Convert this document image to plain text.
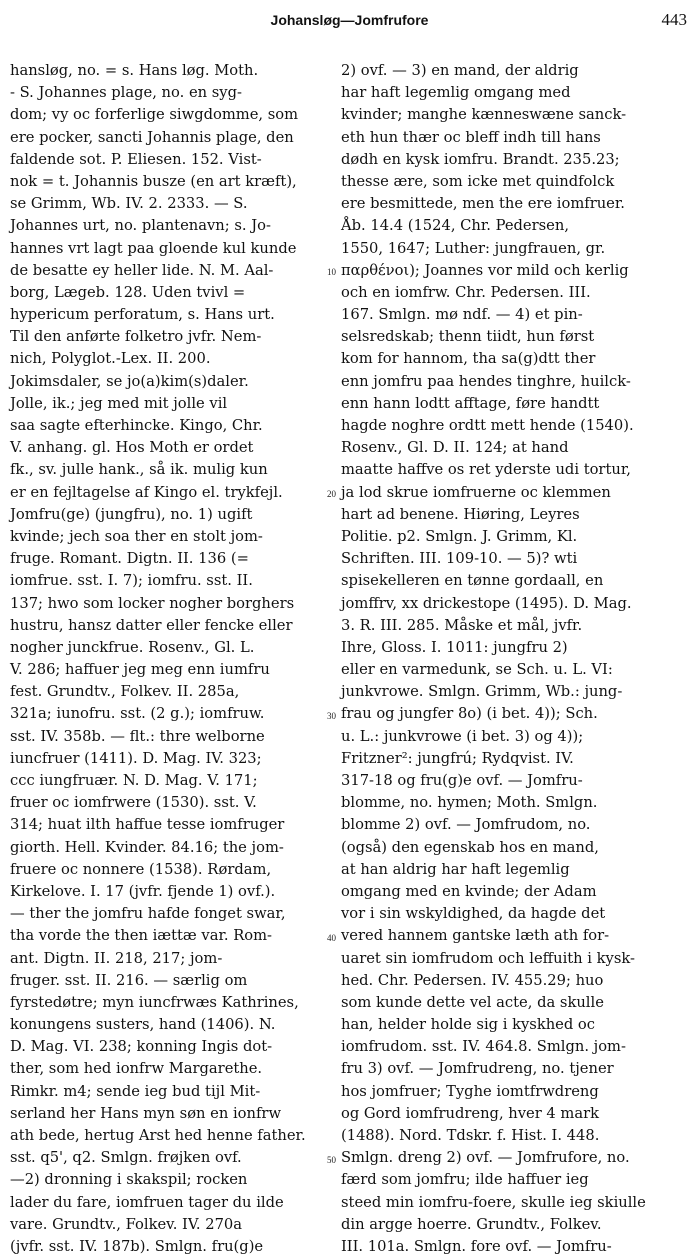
Johansløg—Jomfrufore	443
hansløg, no. = s. Hans løg. Moth.
- S. Johannes plage, no. en syg-
dom; vy oc forferlige siwgdomme, som
ere pocker, sancti Johannis plage, den
faldende sot. P. Eliesen. 152. Vist-
nok = t. Johannis busze (en art kræft),
se Grimm, Wb. IV. 2. 2333. — S.
Johannes urt, no. plantenavn; s. Jo-
hannes vrt lagt paa gloende kul kunde
de besatte ey heller lide. N. M. Aal-
borg, Lægeb. 128. Uden tvivl =
hypericum perforatum, s. Hans urt.
Til den anførte folketro jvfr. Nem-
nich, Polyglot.-Lex. II. 200.
Jokimsdaler, se jo(a)kim(s)daler.
Jolle, ik.; jeg med mit jolle vil
saa sagte efterhincke. Kingo, Chr.
V. anhang. gl. Hos Moth er ordet
fk., sv. julle hank., så ik. mulig kun
er en fejltagelse af Kingo el. trykfejl.
Jomfru(ge) (jungfru), no. 1) ugift
kvinde; jech soa ther en stolt jom-
fruge. Romant. Digtn. II. 136 (=
iomfrue. sst. I. 7); iomfru. sst. II.
137; hwo som locker nogher borghers
hustru, hansz datter eller fencke eller
nogher junckfrue. Rosenv., Gl. L.
V. 286; haffuer jeg meg enn iumfru
fest. Grundtv., Folkev. II. 285a,
321a; iunofru. sst. (2 g.); iomfruw.
sst. IV. 358b. — flt.: thre welborne
iuncfruer (1411). D. Mag. IV. 323;
ccc iungfruær. N. D. Mag. V. 171;
fruer oc iomfrwere (1530). sst. V.
314; huat ilth haffue tesse iomfruger
giorth. Hell. Kvinder. 84.16; the jom-
fruere oc nonnere (1538). Rørdam,
Kirkelove. I. 17 (jvfr. fjende 1) ovf.).
— ther the jomfru hafde fonget swar,
tha vorde the then iættæ var. Rom-
ant. Digtn. II. 218, 217; jom-
fruger. sst. II. 216. — særlig om
fyrstedøtre; myn iuncfrwæs Kathrines,
konungens susters, hand (1406). N.
D. Mag. VI. 238; konning Ingis dot-
ther, som hed ionfrw Margarethe.
Rimkr. m4; sende ieg bud tijl Mit-
serland her Hans myn søn en ionfrw
ath bede, hertug Arst hed henne father.
sst. q5', q2. Smlgn. frøjken ovf.
—2) dronning i skakspil; rocken
lader du fare, iomfruen tager du ilde
vare. Grundtv., Folkev. IV. 270a
(jvfr. sst. IV. 187b). Smlgn. fru(g)e
10
20
30
40
50
2) ovf. — 3) en mand, der aldrig
har haft legemlig omgang med
kvinder; manghe kænneswæne sanck-
eth hun thær oc bleff indh till hans
dødh en kysk iomfru. Brandt. 235.23;
thesse ære, som icke met quindfolck
ere besmittede, men the ere iomfruer.
Åb. 14.4 (1524, Chr. Pedersen,
1550, 1647; Luther: jungfrauen, gr.
παρθένοι); Joannes vor mild och kerlig
och en iomfrw. Chr. Pedersen. III.
167. Smlgn. mø ndf. — 4) et pin-
selsredskab; thenn tiidt, hun først
kom for hannom, tha sa(g)dtt ther
enn jomfru paa hendes tinghre, huilck-
enn hann lodtt afftage, føre handtt
hagde noghre ordtt mett hende (1540).
Rosenv., Gl. D. II. 124; at hand
maatte haffve os ret yderste udi tortur,
ja lod skrue iomfruerne oc klemmen
hart ad benene. Hiøring, Leyres
Politie. p2. Smlgn. J. Grimm, Kl.
Schriften. III. 109-10. — 5)? wti
spisekelleren en tønne gordaall, en
jomffrv, xx drickestope (1495). D. Mag.
3. R. III. 285. Måske et mål, jvfr.
Ihre, Gloss. I. 1011: jungfru 2)
eller en varmedunk, se Sch. u. L. VI:
junkvrowe. Smlgn. Grimm, Wb.: jung-
frau og jungfer 8o) (i bet. 4)); Sch.
u. L.: junkvrowe (i bet. 3) og 4));
Fritzner²: jungfrú; Rydqvist. IV.
317-18 og fru(g)e ovf. — Jomfru-
blomme, no. hymen; Moth. Smlgn.
blomme 2) ovf. — Jomfrudom, no.
(også) den egenskab hos en mand,
at han aldrig har haft legemlig
omgang med en kvinde; der Adam
vor i sin wskyldighed, da hagde det
vered hannem gantske læth ath for-
uaret sin iomfrudom och leffuith i kysk-
hed. Chr. Pedersen. IV. 455.29; huo
som kunde dette vel acte, da skulle
han, helder holde sig i kyskhed oc
iomfrudom. sst. IV. 464.8. Smlgn. jom-
fru 3) ovf. — Jomfrudreng, no. tjener
hos jomfruer; Tyghe iomtfrwdreng
og Gord iomfrudreng, hver 4 mark
(1488). Nord. Tdskr. f. Hist. I. 448.
Smlgn. dreng 2) ovf. — Jomfrufore, no.
færd som jomfru; ilde haffuer ieg
steed min iomfru-foere, skulle ieg skiulle
din argge hoerre. Grundtv., Folkev.
III. 101a. Smlgn. fore ovf. — Jomfru-
